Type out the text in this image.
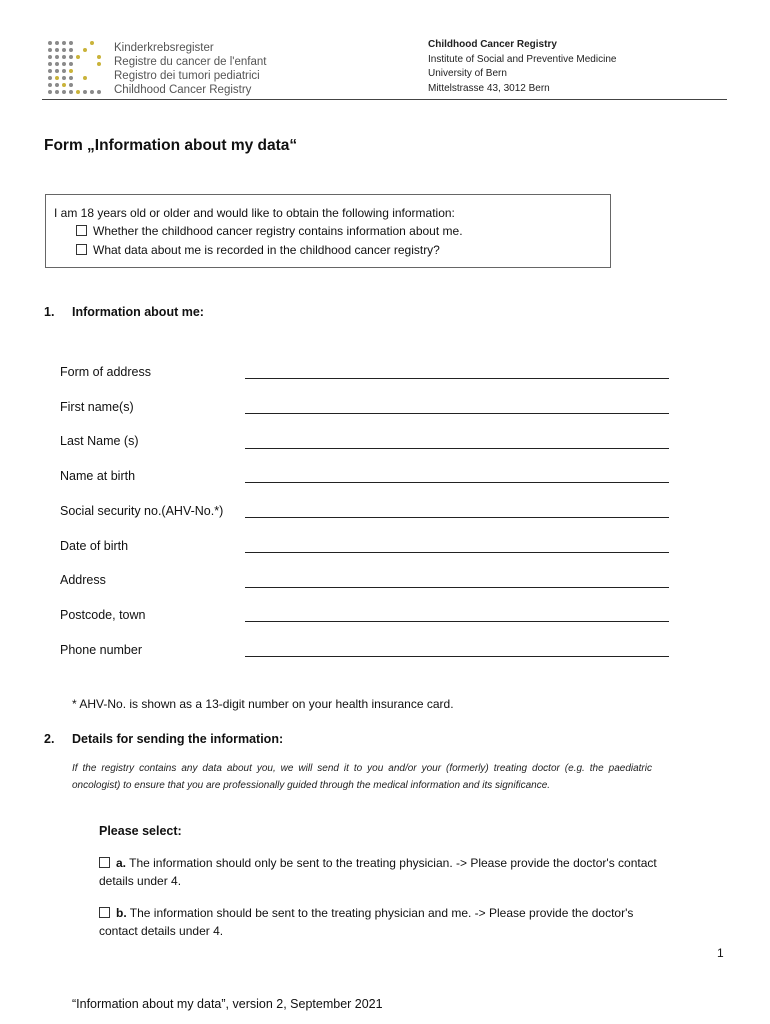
Kinderkrebsregister
Registre du cancer de l'enfant
Registro dei tumori pediatrici
Childhood Cancer Registry
Childhood Cancer Registry
Institute of Social and Preventive Medicine
University of Bern
Mittelstrasse 43, 3012 Bern
Form „Information about my data“
I am 18 years old or older and would like to obtain the following information:
Whether the childhood cancer registry contains information about me.
What data about me is recorded in the childhood cancer registry?
1. Information about me:
Form of address
First name(s)
Last Name (s)
Name at birth
Social security no.(AHV-No.*)
Date of birth
Address
Postcode, town
Phone number
* AHV-No. is shown as a 13-digit number on your health insurance card.
2. Details for sending the information:
If the registry contains any data about you, we will send it to you and/or your (formerly) treating doctor (e.g. the paediatric oncologist) to ensure that you are professionally guided through the medical information and its significance.
Please select:
a. The information should only be sent to the treating physician. -> Please provide the doctor's contact details under 4.
b. The information should be sent to the treating physician and me. -> Please provide the doctor's contact details under 4.
1
“Information about my data”, version 2, September 2021
